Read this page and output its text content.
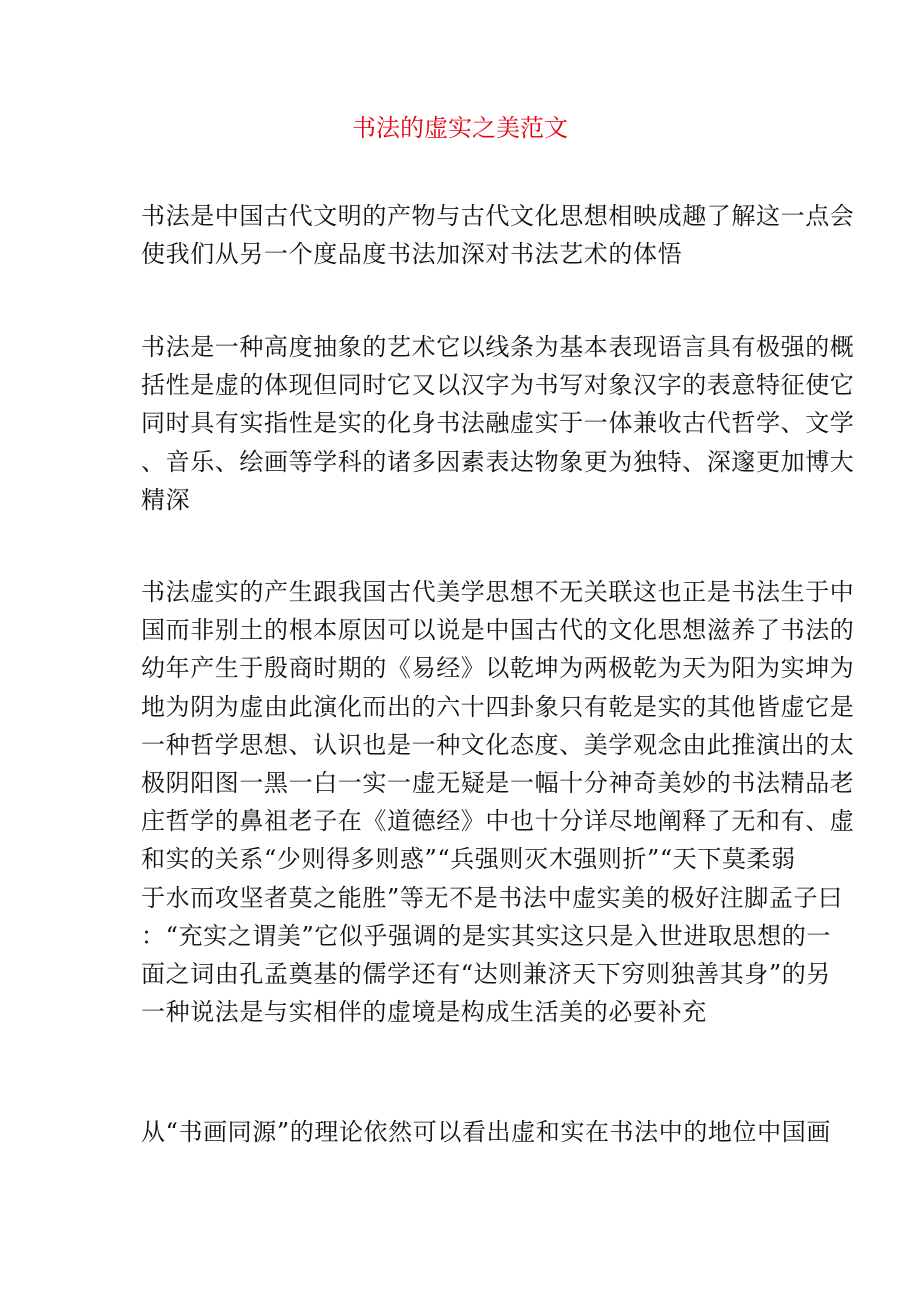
书法的虚实之美范文
书法是中国古代文明的产物与古代文化思想相映成趣了解这一点会
使我们从另一个度品度书法加深对书法艺术的体悟
书法是一种高度抽象的艺术它以线条为基本表现语言具有极强的概
括性是虚的体现但同时它又以汉字为书写对象汉字的表意特征使它
同时具有实指性是实的化身书法融虚实于一体兼收古代哲学、文学
、音乐、绘画等学科的诸多因素表达物象更为独特、深邃更加博大
精深
书法虚实的产生跟我国古代美学思想不无关联这也正是书法生于中
国而非别土的根本原因可以说是中国古代的文化思想滋养了书法的
幼年产生于殷商时期的《易经》以乾坤为两极乾为天为阳为实坤为
地为阴为虚由此演化而出的六十四卦象只有乾是实的其他皆虚它是
一种哲学思想、认识也是一种文化态度、美学观念由此推演出的太
极阴阳图一黑一白一实一虚无疑是一幅十分神奇美妙的书法精品老
庄哲学的鼻祖老子在《道德经》中也十分详尽地阐释了无和有、虚
和实的关系“少则得多则惑”“兵强则灭木强则折”“天下莫柔弱
于水而攻坚者莫之能胜”等无不是书法中虚实美的极好注脚孟子曰
：“充实之谓美”它似乎强调的是实其实这只是入世进取思想的一
面之词由孔孟奠基的儒学还有“达则兼济天下穷则独善其身”的另
一种说法是与实相伴的虚境是构成生活美的必要补充
从“书画同源”的理论依然可以看出虚和实在书法中的地位中国画
